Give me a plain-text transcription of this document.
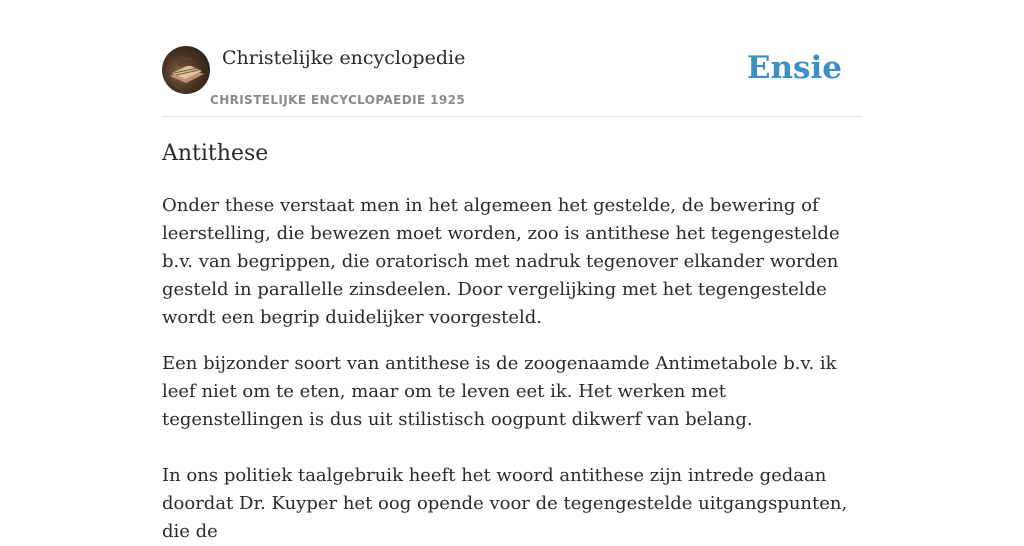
Christelijke encyclopedie
CHRISTELIJKE ENCYCLOPAEDIE 1925
Ensie
Antithese

Onder these verstaat men in het algemeen het gestelde, de bewering of leerstelling, die bewezen moet worden, zoo is antithese het tegengestelde b.v. van begrippen, die oratorisch met nadruk tegenover elkander worden gesteld in parallelle zinsdeelen. Door vergelijking met het tegengestelde wordt een begrip duidelijker voorgesteld.

Een bijzonder soort van antithese is de zoogenaamde Antimetabole b.v. ik leef niet om te eten, maar om te leven eet ik. Het werken met tegenstellingen is dus uit stilistisch oogpunt dikwerf van belang.

In ons politiek taalgebruik heeft het woord antithese zijn intrede gedaan doordat Dr. Kuyper het oog opende voor de tegengestelde uitgangspunten, die de
